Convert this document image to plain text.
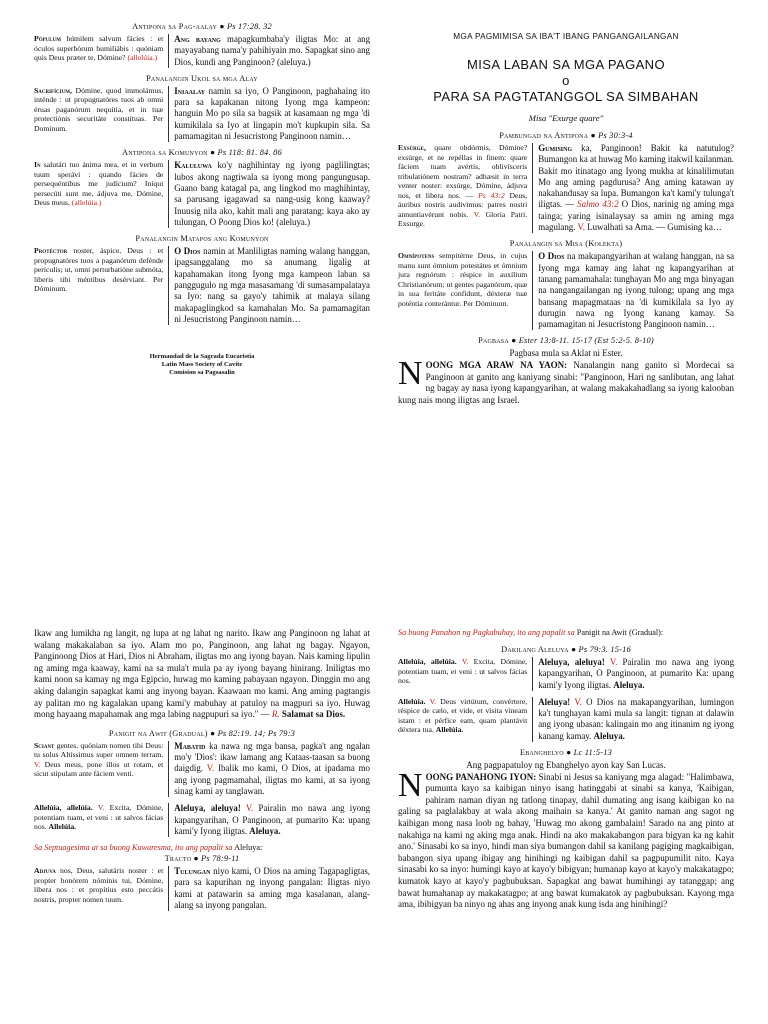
Antipona sa Pag-aalay ● Ps 17:28. 32
Pópulum húmilem salvum fácies : et óculos superbórum humiliábis : quóniam quis Deus præter te, Dómine? (allelúia.)
Ang bayang mapagkumbaba'y iligtas Mo: at ang mayayabang nama'y pahihiyain mo. Sapagkat sino ang Dios, kundi ang Panginoon? (aleluya.)
Panalangin Ukol sa mga Alay
Sacrifícium, Dómine, quod immolámus, inténde : ut propugnatóres tuos ab omni éruas paganórum nequítia, et in tuæ protectiónis securitáte constítuas. Per Dominum.
Iniaalay namin sa iyo, O Panginoon, paghahaing ito para sa kapakanan nitong Iyong mga kampeon: hanguin Mo po sila sa bagsik at kasamaan ng mga 'di kumikilala sa Iyo at lingapin mo't kupkupin sila. Sa pamamagitan ni Jesucristong Panginoon namin…
Antipona sa Komunyon ● Ps 118: 81. 84. 86
In salutári tuo ánima mea, et in verbum tuum sperávi : quando fácies de persequéntibus me judícium? Iníqui persecúti sunt me, ádjuva me, Dómine, Deus meus, (allelúia.)
Kaluluwa ko'y naghihintay ng iyong paglilingtas; lubos akong nagtiwala sa iyong mong pangungusap. Gaano bang katagal pa, ang lingkod mo maghihintay, sa parusang igagawad sa nang-usig kong kaaway? Inuusig nila ako, kahit mali ang paratang: kaya ako ay tulungan, O Poong Dios ko! (aleluya.)
Panalangin Matapos ang Komunyon
Protéctor noster, áspice, Deus : et propugnatóres tuos a paganórum defénde perículis; ut, omni perturbatióne submóta, liberis tibi méntibus desérviant. Per Dóminum.
O Dios namin at Manliligtas naming walang hanggan, ipagsanggalang mo sa anumang ligalig at kapahamakan itong Iyong mga kampeon laban sa panggugulo ng mga masasamang 'di sumasampalataya sa Iyo: nang sa gayo'y tahimik at malaya silang makapaglingkod sa kamahalan Mo. Sa pamamagitan ni Jesucristong Panginoon namin…
Hermandad de la Sagrada Eucaristía
Latin Mass Society of Cavite
Comision sa Pagsasalin
MGA PAGMIMISA SA IBA'T IBANG PANGANGAILANGAN
MISA LABAN SA MGA PAGANO
o
PARA SA PAGTATANGGOL SA SIMBAHAN
Misa "Exurge quare"
Pambungad na Antipona ● Ps 30:3-4
Exsúrge, quare obdórmis, Dómine? exsúrge, et ne repéllas in finem: quare fáciem tuam avértis, oblivísceris tribulatiónem nostram? adhæsit in terra venter noster: exsúrge, Dómine, ádjuva nos, et libera nos. — Ps 43:2 Deus, áuribus nostris audívimus: patres nostri annuntiavérunt nobis. V. Gloria Patri. Exsurge.
Gumising ka, Panginoon! Bakit ka natutulog? Bumangon ka at huwag Mo kaming itakwil kailanman. Bakit mo itinatago ang Iyong mukha at kinalilimutan Mo ang aming pagdurusa? Ang aming katawan ay nakahandusay sa lupa. Bumangon ka't kami'y tulunga't iligtas. — Salmo 43:2 O Dios, narinig ng aming mga tainga; yaring isinalaysay sa amin ng aming mga magulang. V. Luwalhati sa Ama. — Gumising ka…
Panalangin sa Misa (Kolekta)
Omnípotens sempitérne Deus, in cujus manu sunt ómnium potestátes et ómnium jura regnórum : réspice in auxílium Christianórum; ut gentes paganórum, quæ in sua feritáte confídunt, déxteræ tuæ poténtia conterántur. Per Dóminum.
O Dios na makapangyarihan at walang hanggan, na sa Iyong mga kamay ang lahat ng kapangyarihan at tanang pamamahala: tunghayan Mo ang mga binyagan na nangangailangan ng iyong tulong; upang ang mga bansang mapagmataas na 'di kumikilala sa Iyo ay durugin nawa ng Iyong kanang kamay. Sa pamamagitan ni Jesucristong Panginoon namin…
Pagbasa ● Ester 13:8-11. 15-17 (Est 5:2-5. 8-10)
Pagbasa mula sa Aklat ni Ester.
NOONG MGA ARAW NA YAON: Nanalangin nang ganito si Mordecai sa Panginoon at ganito ang kaniyang sinabi: "Panginoon, Hari ng sanlibutan, ang lahat ng bagay ay nasa iyong kapangyarihan, at walang makakahadlang sa iyong kalooban kung nais mong iligtas ang Israel.
Ikaw ang lumikha ng langit, ng lupa at ng lahat ng narito. Ikaw ang Panginoon ng lahat at walang makakalaban sa iyo. Alam mo po, Panginoon, ang lahat ng bagay. Ngayon, Panginoong Dios at Hari, Dios ni Abraham, iligtas mo ang iyong bayan. Nais kaming lipulin ng aming mga kaaway, kami na sa mula't mula pa ay iyong bayang hinirang. Iniligtas mo kami noon sa kamay ng mga Egipcio, huwag mo kaming pabayaan ngayon. Dinggin mo ang aking dalangin sapagkat kami ang inyong bayan. Kaawaan mo kami. Ang aming pagtangis ay palitan mo ng kagalakan upang kami'y mabuhay at patuloy na magpuri sa iyo. Huwag mong hayaang mapahamak ang mga labing nagpupuri sa iyo." — R. Salamat sa Dios.
Panigit na Awit (Gradual) ● Ps 82:19. 14; Ps 79:3
Sciant gentes, quóniam nomen tibi Deus: tu solus Altíssimus super omnem terram. V. Deus meus, pone illos ut rotam, et sicut stípulam ante fáciem venti.
Mabatid ka nawa ng mga bansa, pagka't ang ngalan mo'y 'Dios': ikaw lamang ang Kataas-taasan sa buong daigdig. V. Ibalik mo kami, O Dios, at ipadama mo ang iyong pagmamahal, iligtas mo kami, at sa iyong sinag kami ay tanglawan.
Allelúia, allelúia. V. Excita, Dómine, potentiam tuam, et veni : ut salvos fácias nos. Allelúia.
Aleluya, aleluya! V. Pairalin mo nawa ang iyong kapangyarihan, O Panginoon, at pumarito Ka: upang kami'y Iyong iligtas. Aleluya.
Sa Septuagesima at sa buong Kuwaresma, ito ang papalit sa Aleluya:
Tracto ● Ps 78:9-11
Adjuva nos, Deus, salutáris noster : et propter honórem nóminis tui, Dómine, libera nos : et propítius esto peccátis nostris, propter nomen tuum.
Tulungan niyo kami, O Dios na aming Tagapagligtas, para sa kapurihan ng inyong pangalan: Iligtas niyo kami at patawarin sa aming mga kasalanan, alang-alang sa inyong pangalan.
Sa buong Panahon ng Pagkabuhay, ito ang papalit sa Panigit na Awit (Gradual):
Dakilang Aleluya ● Ps 79:3. 15-16
Allelúia, allelúia. V. Excita, Dómine, potentiam tuam, et veni : ut salvos fácias nos.
Aleluya, aleluya! V. Pairalin mo nawa ang iyong kapangyarihan, O Panginoon, at pumarito Ka: upang kami'y Iyong iligtas. Aleluya.
Allelúia. V. Deus virtútum, convértere, réspice de cælo, et vide, et vísita víneam istam : et pérfice eam, quam plantávit déxtera tua. Allelúia.
Aleluya! V. O Dios na makapangyarihan, lumingon ka't tunghayan kami mula sa langit: tignan at dalawin ang iyong ubasan: kalingain mo ang itinanim ng iyong kanang kamay. Aleluya.
Ebanghelyo ● Lc 11:5-13
Ang pagpapatuloy ng Ebanghelyo ayon kay San Lucas.
NOONG PANAHONG IYON: Sinabi ni Jesus sa kaniyang mga alagad: "Halimbawa, pumunta kayo sa kaibigan ninyo isang hatinggabi at sinabi sa kanya, 'Kaibigan, pahiram naman diyan ng tatlong tinapay, dahil dumating ang isang kaibigan ko na galing sa paglalakbay at wala akong maihain sa kanya.' At ganito naman ang sagot ng kaibigan mong nasa loob ng bahay, 'Huwag mo akong gambalain! Sarado na ang pinto at nakahiga na kami ng aking mga anak. Hindi na ako makakabangon para bigyan ka ng kahit ano.' Sinasabi ko sa inyo, hindi man siya bumangon dahil sa kanilang pagiging magkaibigan, babangon siya upang ibigay ang hinihingi ng kaibigan dahil sa pagpupumilit nito. Kaya sinasabi ko sa inyo: humingi kayo at kayo'y bibigyan; humanap kayo at kayo'y makakatagpo; kumatok kayo at kayo'y pagbubuksan. Sapagkat ang bawat humihingi ay tatanggap; ang bawat humahanap ay makakatagpo; at ang bawat kumakatok ay pagbubuksan. Kayong mga ama, ibibigyan ba ninyo ng ahas ang inyong anak kung isda ang hinihingi?
